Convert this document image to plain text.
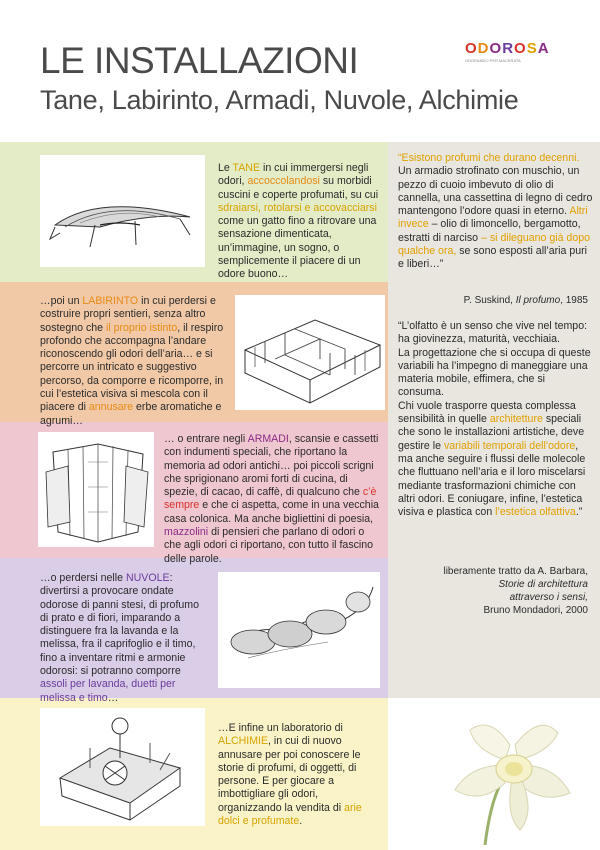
LE INSTALLAZIONI
Tane, Labirinto, Armadi, Nuvole, Alchimie
ODOROSA
ODORANDO PER MACERATA
Le TANE in cui immergersi negli odori, accoccolandosi su morbidi cuscini e coperte profumati, su cui sdraiarsi, rotolarsi e accovacciarsi come un gatto fino a ritrovare una sensazione dimenticata, un’immagine, un sogno, o semplicemente il piacere di un odore buono…
…poi un LABIRINTO in cui perdersi e costruire propri sentieri, senza altro sostegno che il proprio istinto, il respiro profondo che accompagna l’andare riconoscendo gli odori dell’aria… e si percorre un intricato e suggestivo percorso, da comporre e ricomporre, in cui l’estetica visiva si mescola con il piacere di annusare erbe aromatiche e agrumi…
… o entrare negli ARMADI, scansie e cassetti con indumenti speciali, che riportano la memoria ad odori antichi… poi piccoli scrigni che sprigionano aromi forti di cucina, di spezie, di cacao, di caffè, di qualcuno che c’è sempre e che ci aspetta, come in una vecchia casa colonica. Ma anche bigliettini di poesia, mazzolini di pensieri che parlano di odori o che agli odori ci riportano, con tutto il fascino delle parole.
…o perdersi nelle NUVOLE: divertirsi a provocare ondate odorose di panni stesi, di profumo di prato e di fiori, imparando a distinguere fra la lavanda e la melissa, fra il caprifoglio e il timo, fino a inventare ritmi e armonie odorosi: si potranno comporre assoli per lavanda, duetti per melissa e timo…
…E infine un laboratorio di ALCHIMIE, in cui di nuovo annusare per poi conoscere le storie di profumi, di oggetti, di persone. E per giocare a imbottigliare gli odori, organizzando la vendita di arie dolci e profumate.
“Esistono profumi che durano decenni. Un armadio strofinato con muschio, un pezzo di cuoio imbevuto di olio di cannella, una cassettina di legno di cedro mantengono l’odore quasi in eterno. Altri invece – olio di limoncello, bergamotto, estratti di narciso – si dileguano già dopo qualche ora, se sono esposti all’aria puri e liberi…”
P. Suskind, Il profumo, 1985
“L’olfatto è un senso che vive nel tempo: ha giovinezza, maturità, vecchiaia.
La progettazione che si occupa di queste variabili ha l’impegno di maneggiare una materia mobile, effimera, che si consuma.
Chi vuole trasporre questa complessa sensibilità in quelle architetture speciali che sono le installazioni artistiche, deve gestire le variabili temporali dell’odore, ma anche seguire i flussi delle molecole che fluttuano nell’aria e il loro miscelarsi mediante trasformazioni chimiche con altri odori. E coniugare, infine, l’estetica visiva e plastica con l’estetica olfattiva.”
liberamente tratto da A. Barbara,
Storie di architettura
attraverso i sensi,
Bruno Mondadori, 2000
